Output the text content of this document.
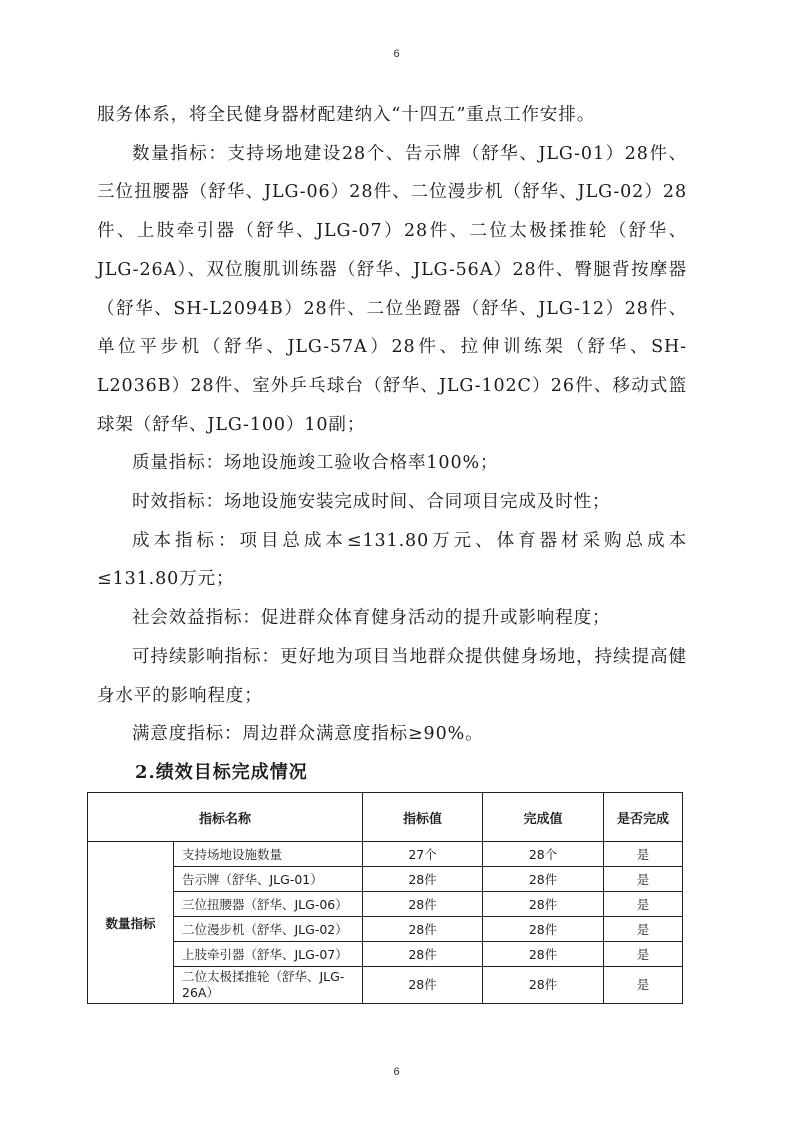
6

服务体系，将全民健身器材配建纳入“十四五”重点工作安排。

数量指标：支持场地建设28个、告示牌（舒华、JLG-01）28件、三位扭腰器（舒华、JLG-06）28件、二位漫步机（舒华、JLG-02）28件、上肢牵引器（舒华、JLG-07）28件、二位太极揉推轮（舒华、JLG-26A）、双位腹肌训练器（舒华、JLG-56A）28件、臀腿背按摩器（舒华、SH-L2094B）28件、二位坐蹬器（舒华、JLG-12）28件、单位平步机（舒华、JLG-57A）28件、拉伸训练架（舒华、SH-L2036B）28件、室外乒乓球台（舒华、JLG-102C）26件、移动式篮球架（舒华、JLG-100）10副；

质量指标：场地设施竣工验收合格率100%；

时效指标：场地设施安装完成时间、合同项目完成及时性；

成本指标：项目总成本≤131.80万元、体育器材采购总成本≤131.80万元；

社会效益指标：促进群众体育健身活动的提升或影响程度；

可持续影响指标：更好地为项目当地群众提供健身场地，持续提高健身水平的影响程度；

满意度指标：周边群众满意度指标≥90%。

2.绩效目标完成情况
指标名称		指标值	完成值	是否完成
数量指标	支持场地设施数量	27个	28个	是
	告示牌（舒华、JLG-01）	28件	28件	是
	三位扭腰器（舒华、JLG-06）	28件	28件	是
	二位漫步机（舒华、JLG-02）	28件	28件	是
	上肢牵引器（舒华、JLG-07）	28件	28件	是
	二位太极揉推轮（舒华、JLG-26A）	28件	28件	是
6
